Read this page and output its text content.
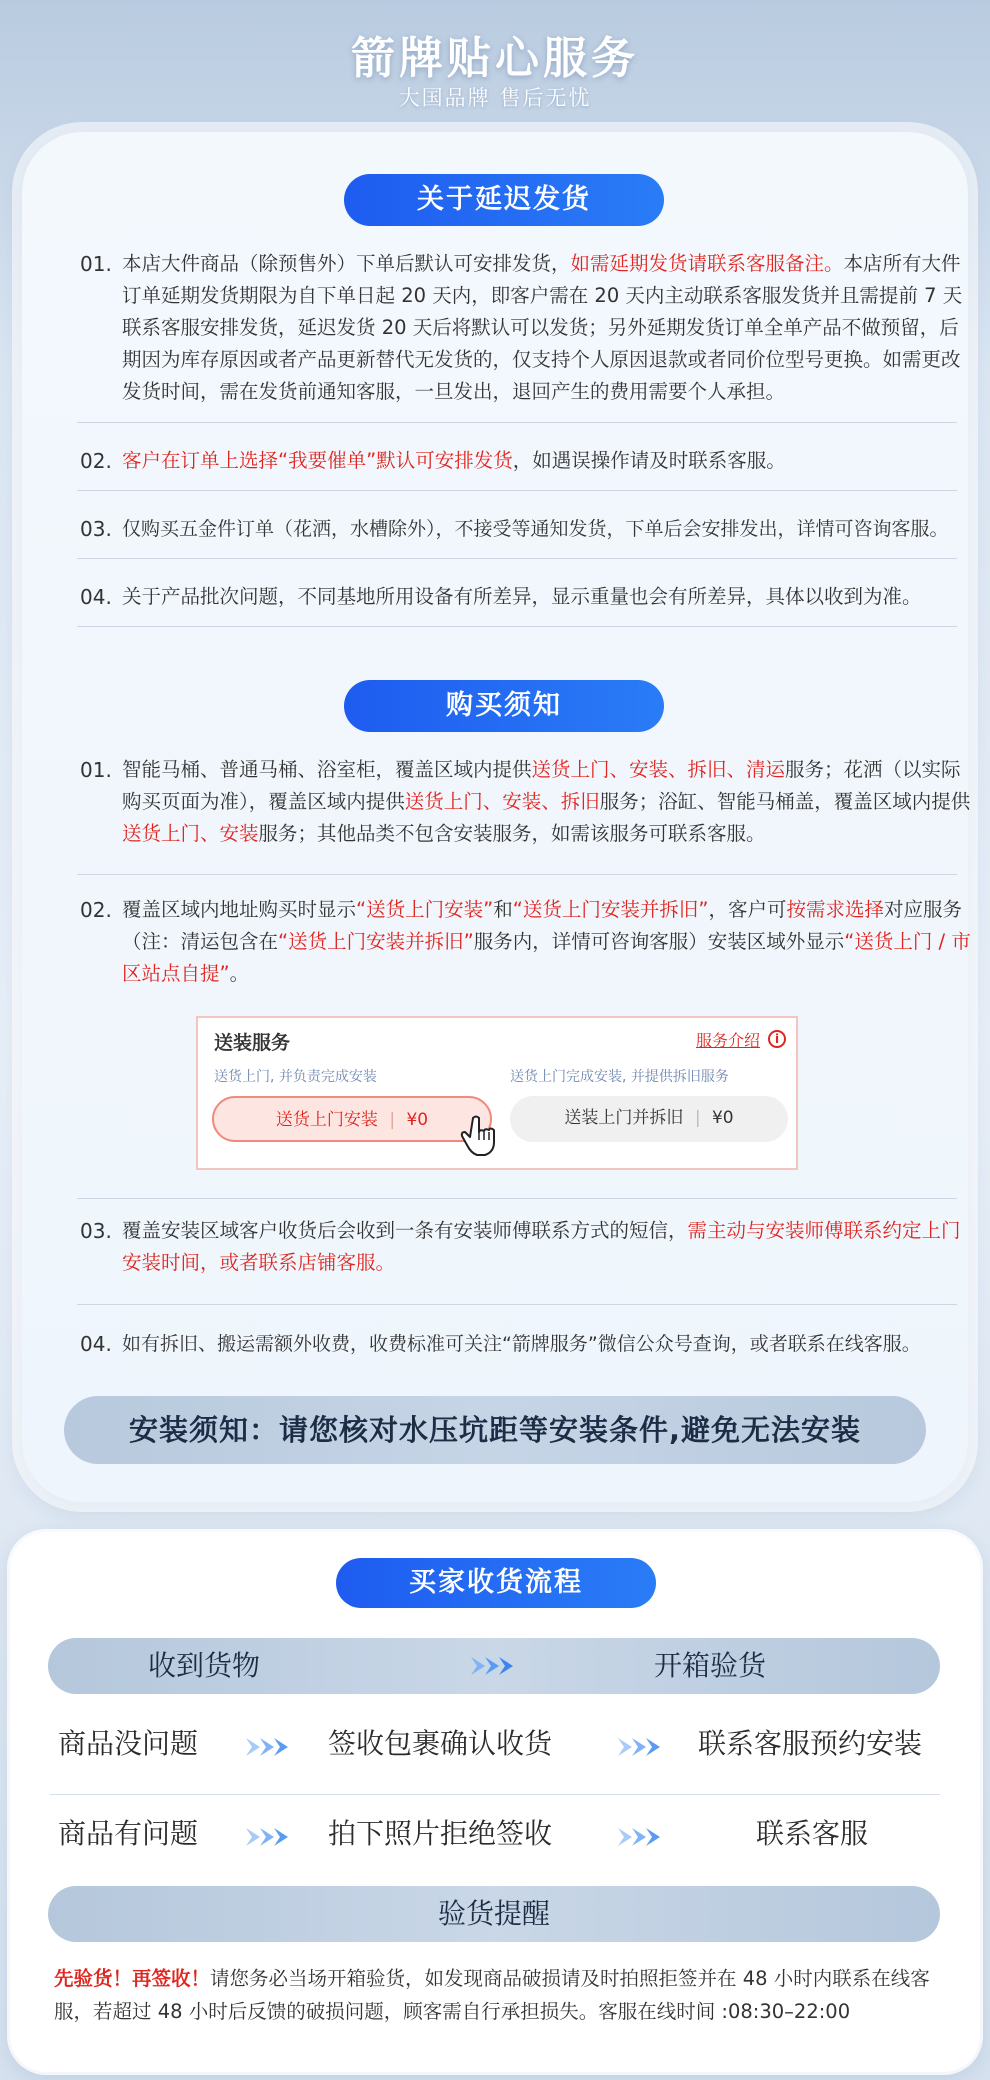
箭牌贴心服务
大国品牌 售后无忧
关于延迟发货
01. 本店大件商品（除预售外）下单后默认可安排发货，如需延期发货请联系客服备注。本店所有大件订单延期发货期限为自下单日起 20 天内，即客户需在 20 天内主动联系客服发货并且需提前 7 天联系客服安排发货，延迟发货 20 天后将默认可以发货；另外延期发货订单全单产品不做预留，后期因为库存原因或者产品更新替代无发货的，仅支持个人原因退款或者同价位型号更换。如需更改发货时间，需在发货前通知客服，一旦发出，退回产生的费用需要个人承担。
02. 客户在订单上选择“我要催单”默认可安排发货，如遇误操作请及时联系客服。
03. 仅购买五金件订单（花洒，水槽除外），不接受等通知发货，下单后会安排发出，详情可咨询客服。
04. 关于产品批次问题，不同基地所用设备有所差异，显示重量也会有所差异，具体以收到为准。
购买须知
01. 智能马桶、普通马桶、浴室柜，覆盖区域内提供送货上门、安装、拆旧、清运服务；花洒（以实际购买页面为准），覆盖区域内提供送货上门、安装、拆旧服务；浴缸、智能马桶盖，覆盖区域内提供送货上门、安装服务；其他品类不包含安装服务，如需该服务可联系客服。
02. 覆盖区域内地址购买时显示“送货上门安装”和“送货上门安装并拆旧”，客户可按需求选择对应服务（注：清运包含在“送货上门安装并拆旧”服务内，详情可咨询客服）安装区域外显示“送货上门 / 市区站点自提”。
03. 覆盖安装区域客户收货后会收到一条有安装师傅联系方式的短信，需主动与安装师傅联系约定上门安装时间，或者联系店铺客服。
04. 如有拆旧、搬运需额外收费，收费标准可关注“箭牌服务”微信公众号查询，或者联系在线客服。
送装服务	服务介绍	i
送货上门, 并负责完成安装	送货上门完成安装, 并提供拆旧服务
送货上门安装 | ¥0	送装上门并拆旧 | ¥0
安装须知：请您核对水压坑距等安装条件,避免无法安装
买家收货流程
收到货物	开箱验货
商品没问题	签收包裹确认收货	联系客服预约安装
商品有问题	拍下照片拒绝签收	联系客服
验货提醒
先验货！再签收！请您务必当场开箱验货，如发现商品破损请及时拍照拒签并在 48 小时内联系在线客服，若超过 48 小时后反馈的破损问题，顾客需自行承担损失。客服在线时间 :08:30–22:00
